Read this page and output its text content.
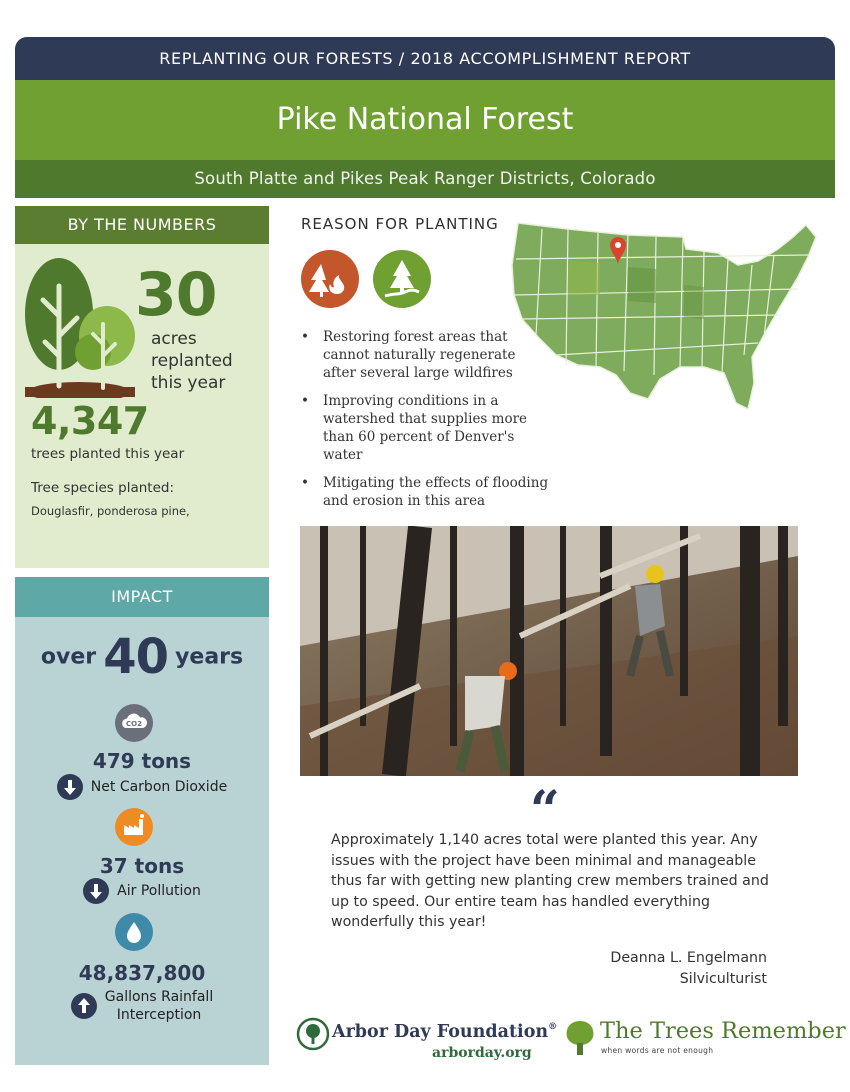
REPLANTING OUR FORESTS / 2018 ACCOMPLISHMENT REPORT
Pike National Forest
South Platte and Pikes Peak Ranger Districts, Colorado
BY THE NUMBERS
30
acres
replanted
this year
4,347
trees planted this year
Tree species planted:
Douglasfir, ponderosa pine,
IMPACT
over 40 years
CO2
479 tons
Net Carbon Dioxide
37 tons
Air Pollution
48,837,800
Gallons Rainfall
Interception
REASON FOR PLANTING
• Restoring forest areas that cannot naturally regenerate after several large wildfires
• Improving conditions in a watershed that supplies more than 60 percent of Denver's water
• Mitigating the effects of flooding and erosion in this area
“
Approximately 1,140 acres total were planted this year. Any issues with the project have been minimal and manageable thus far with getting new planting crew members trained and up to speed. Our entire team has handled everything wonderfully this year!
Deanna L. Engelmann
Silviculturist
Arbor Day Foundation®
arborday.org
The Trees Remember
when words are not enough
